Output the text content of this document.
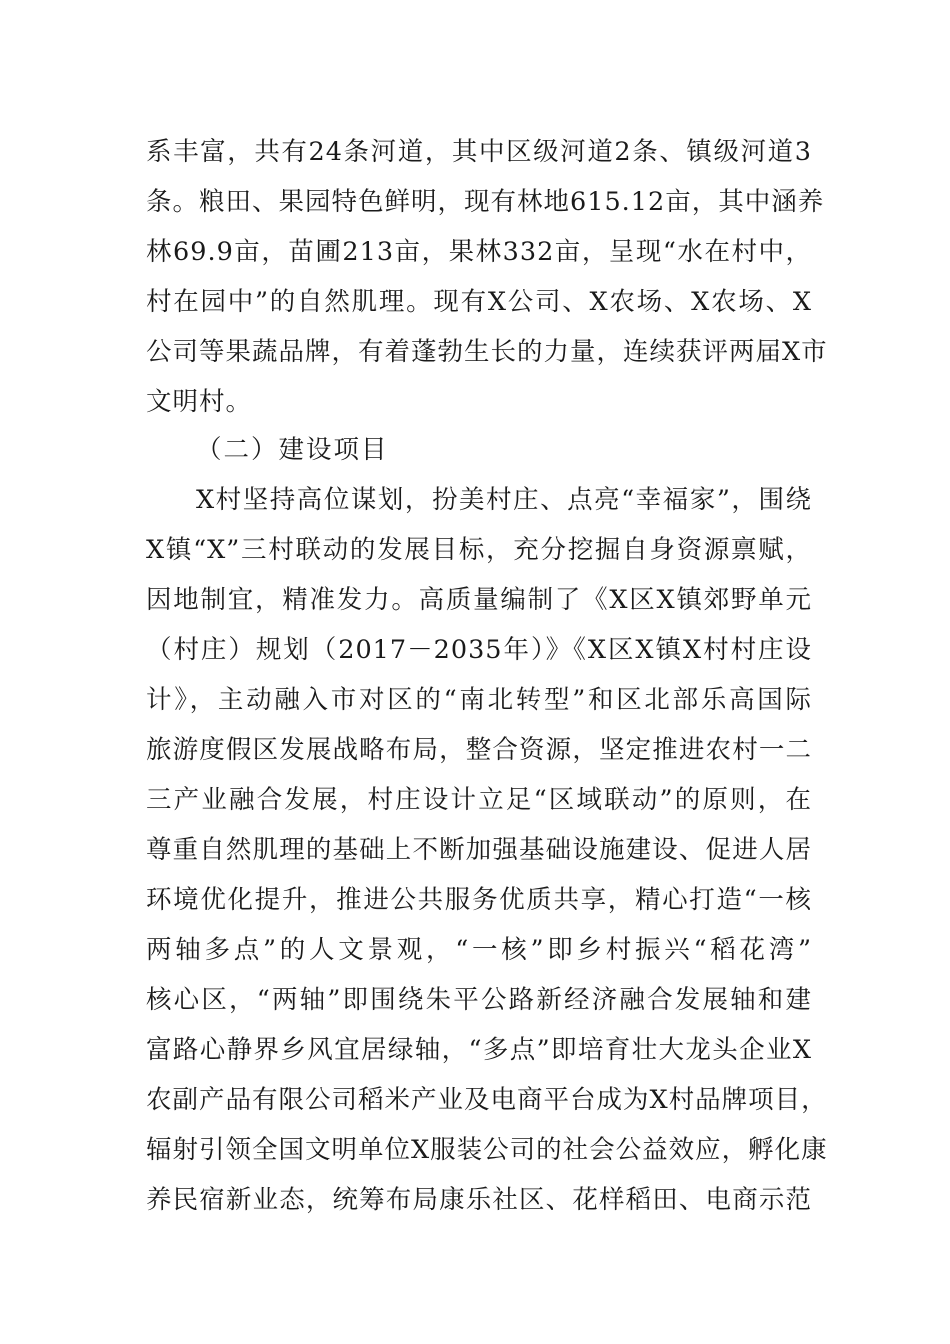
系丰富，共有24条河道，其中区级河道2条、镇级河道3
条。粮田、果园特色鲜明，现有林地615.12亩，其中涵养
林69.9亩，苗圃213亩，果林332亩，呈现“水在村中，
村在园中”的自然肌理。现有X公司、X农场、X农场、X
公司等果蔬品牌，有着蓬勃生长的力量，连续获评两届X市
文明村。
（二）建设项目
X村坚持高位谋划，扮美村庄、点亮“幸福家”，围绕
X镇“X”三村联动的发展目标，充分挖掘自身资源禀赋，
因地制宜，精准发力。高质量编制了《X区X镇郊野单元
（村庄）规划（2017－2035年）》《X区X镇X村村庄设
计》，主动融入市对区的“南北转型”和区北部乐高国际
旅游度假区发展战略布局，整合资源，坚定推进农村一二
三产业融合发展，村庄设计立足“区域联动”的原则，在
尊重自然肌理的基础上不断加强基础设施建设、促进人居
环境优化提升，推进公共服务优质共享，精心打造“一核
两轴多点”的人文景观，“一核”即乡村振兴“稻花湾”
核心区，“两轴”即围绕朱平公路新经济融合发展轴和建
富路心静界乡风宜居绿轴，“多点”即培育壮大龙头企业X
农副产品有限公司稻米产业及电商平台成为X村品牌项目，
辐射引领全国文明单位X服装公司的社会公益效应，孵化康
养民宿新业态，统筹布局康乐社区、花样稻田、电商示范
